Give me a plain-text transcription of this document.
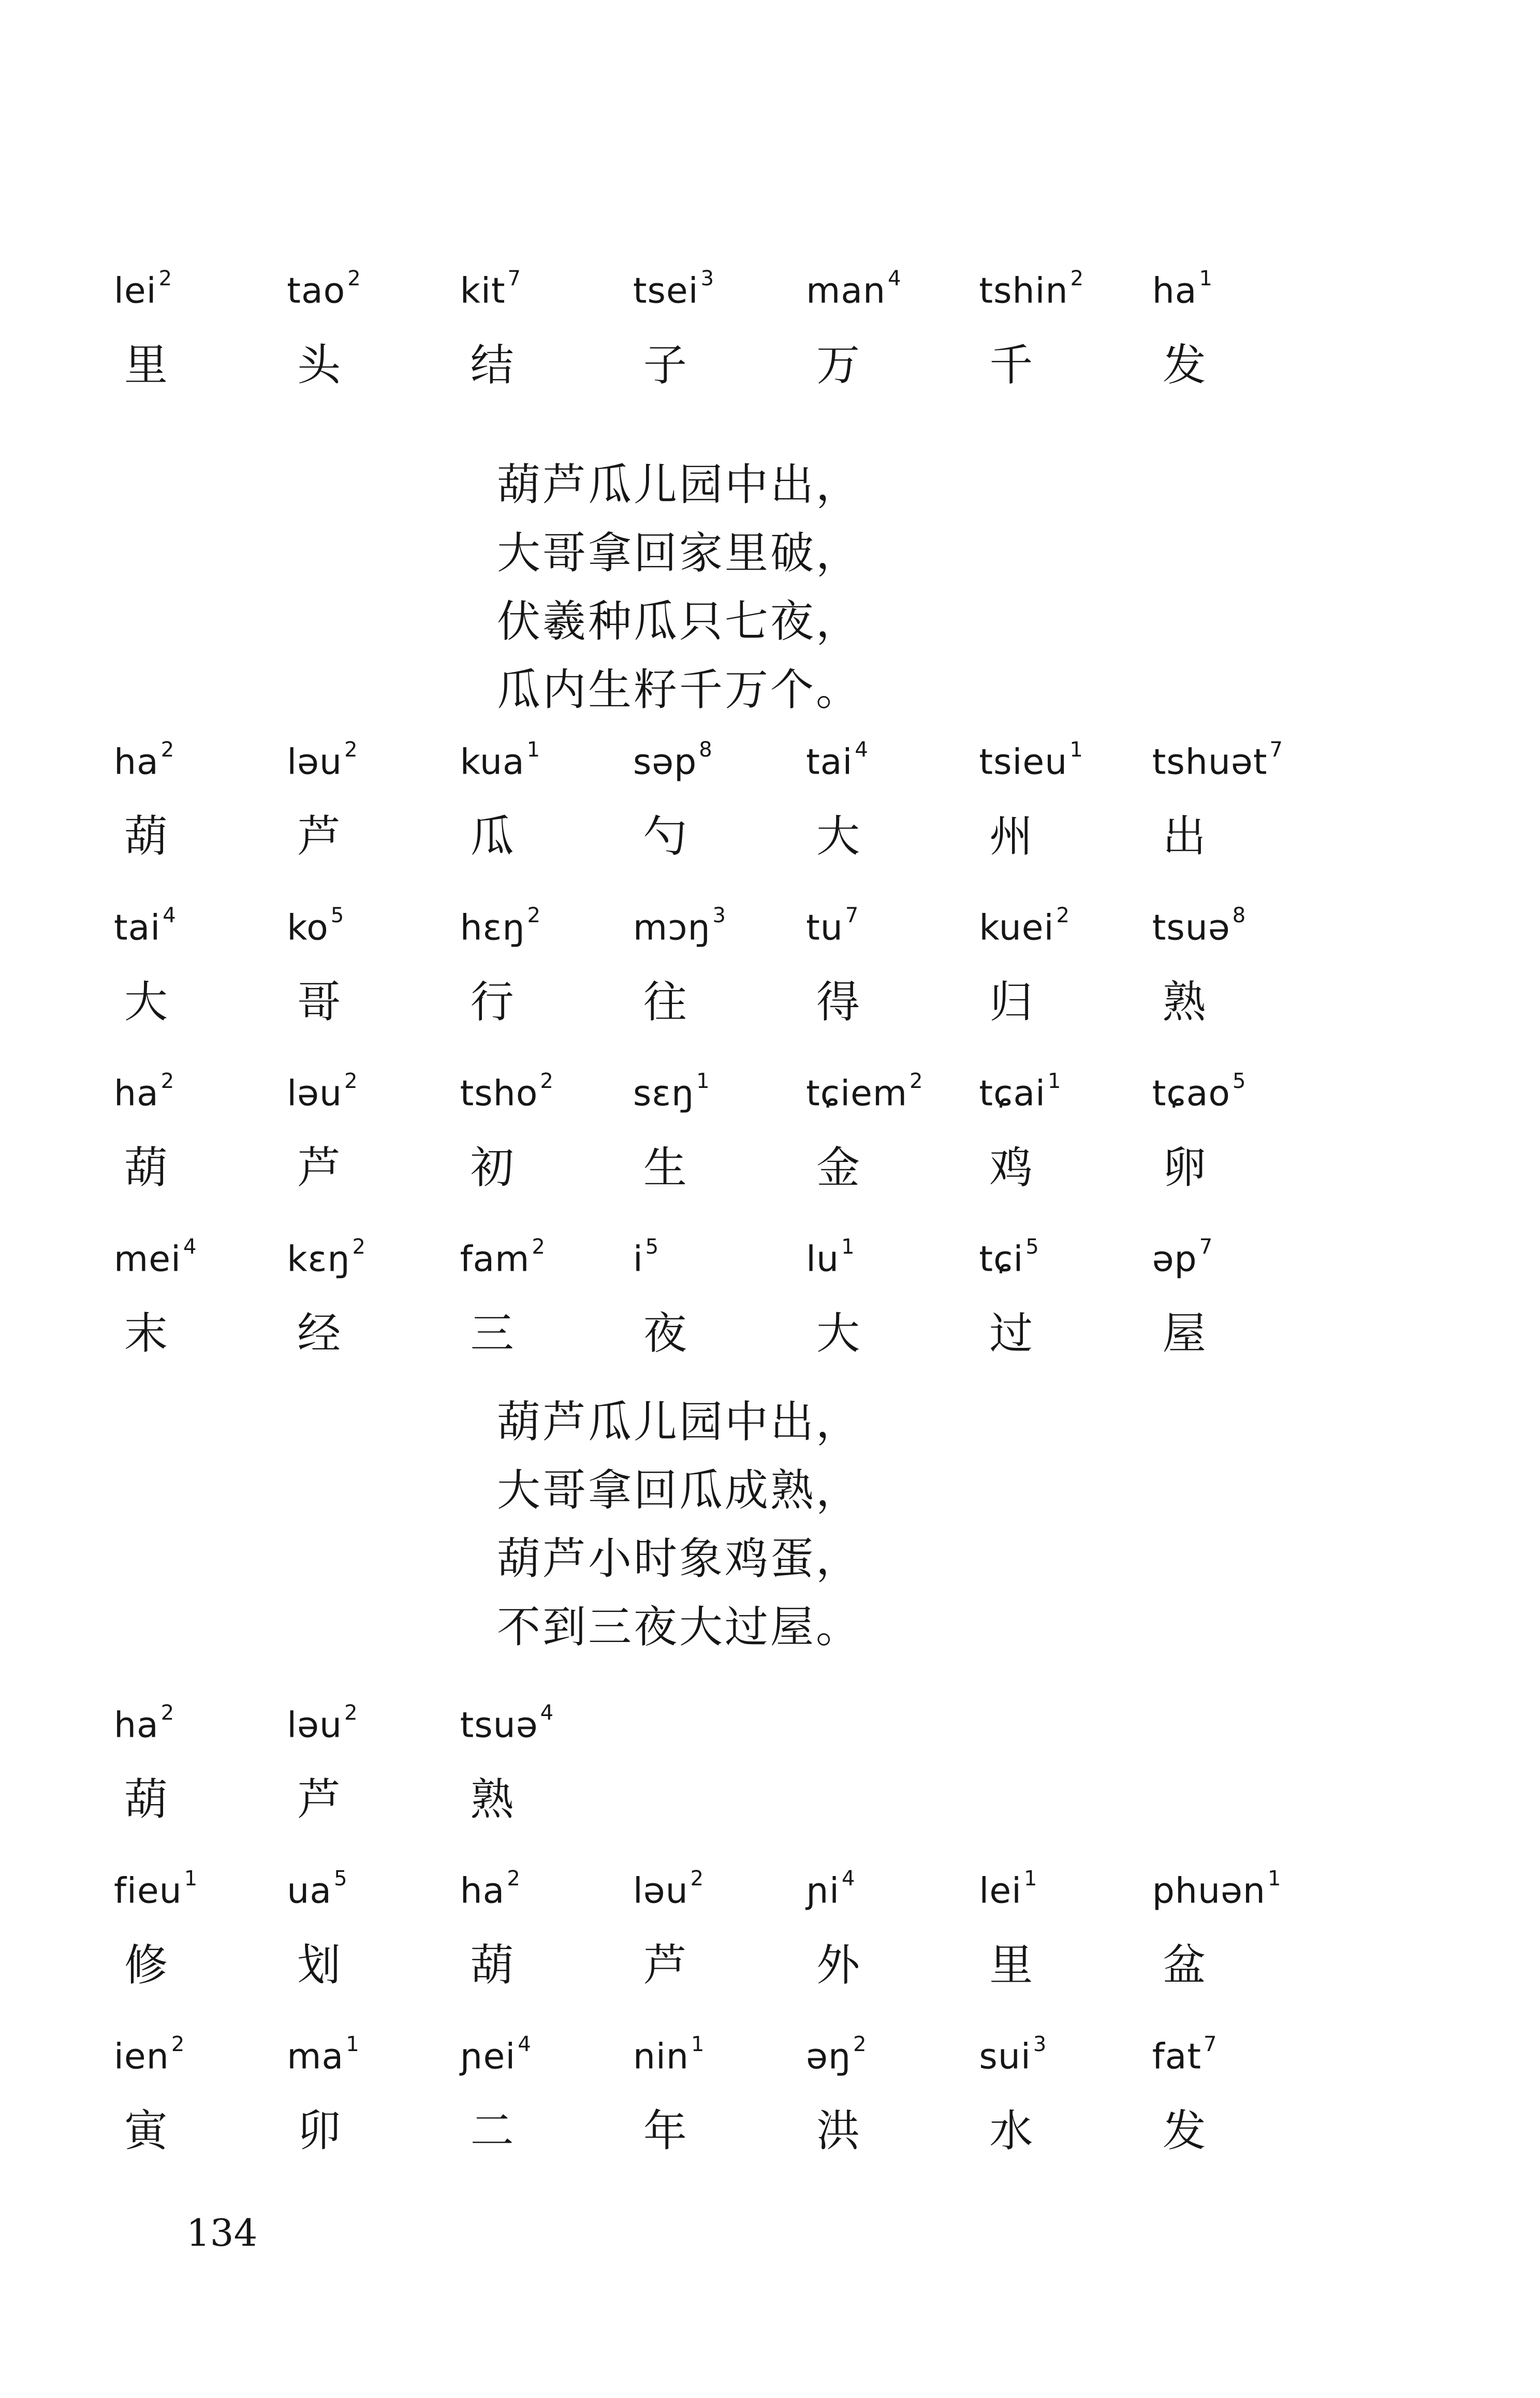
lei $^2$	tao $^2$	kit $^7$	tsei $^3$	man $^4$	tshin $^2$	ha $^1$
里	头	结	子	万	千	发
葫芦瓜儿园中出，
大哥拿回家里破，
伏羲种瓜只七夜，
瓜内生籽千万个。
ha $^2$	ləu $^2$	kua $^1$	səp $^8$	tai $^4$	tsieu $^1$	tshuət $^7$
葫	芦	瓜	勺	大	州	出
tai $^4$	ko $^5$	hɛŋ $^2$	mɔŋ $^3$	tu $^7$	kuei $^2$	tsuə $^8$
大	哥	行	往	得	归	熟
ha $^2$	ləu $^2$	tsho $^2$	sɛŋ $^1$	tɕiem $^2$	tɕai $^1$	tɕao $^5$
葫	芦	初	生	金	鸡	卵
mei $^4$	kɛŋ $^2$	fam $^2$	i $^5$	lu $^1$	tɕi $^5$	əp $^7$
末	经	三	夜	大	过	屋
葫芦瓜儿园中出，
大哥拿回瓜成熟，
葫芦小时象鸡蛋，
不到三夜大过屋。
ha $^2$	ləu $^2$	tsuə $^4$
葫	芦	熟
fieu $^1$	ua $^5$	ha $^2$	ləu $^2$	ɲi $^4$	lei $^1$	phuən $^1$
修	划	葫	芦	外	里	盆
ien $^2$	ma $^1$	ɲei $^4$	nin $^1$	əŋ $^2$	sui $^3$	fat $^7$
寅	卯	二	年	洪	水	发
134
